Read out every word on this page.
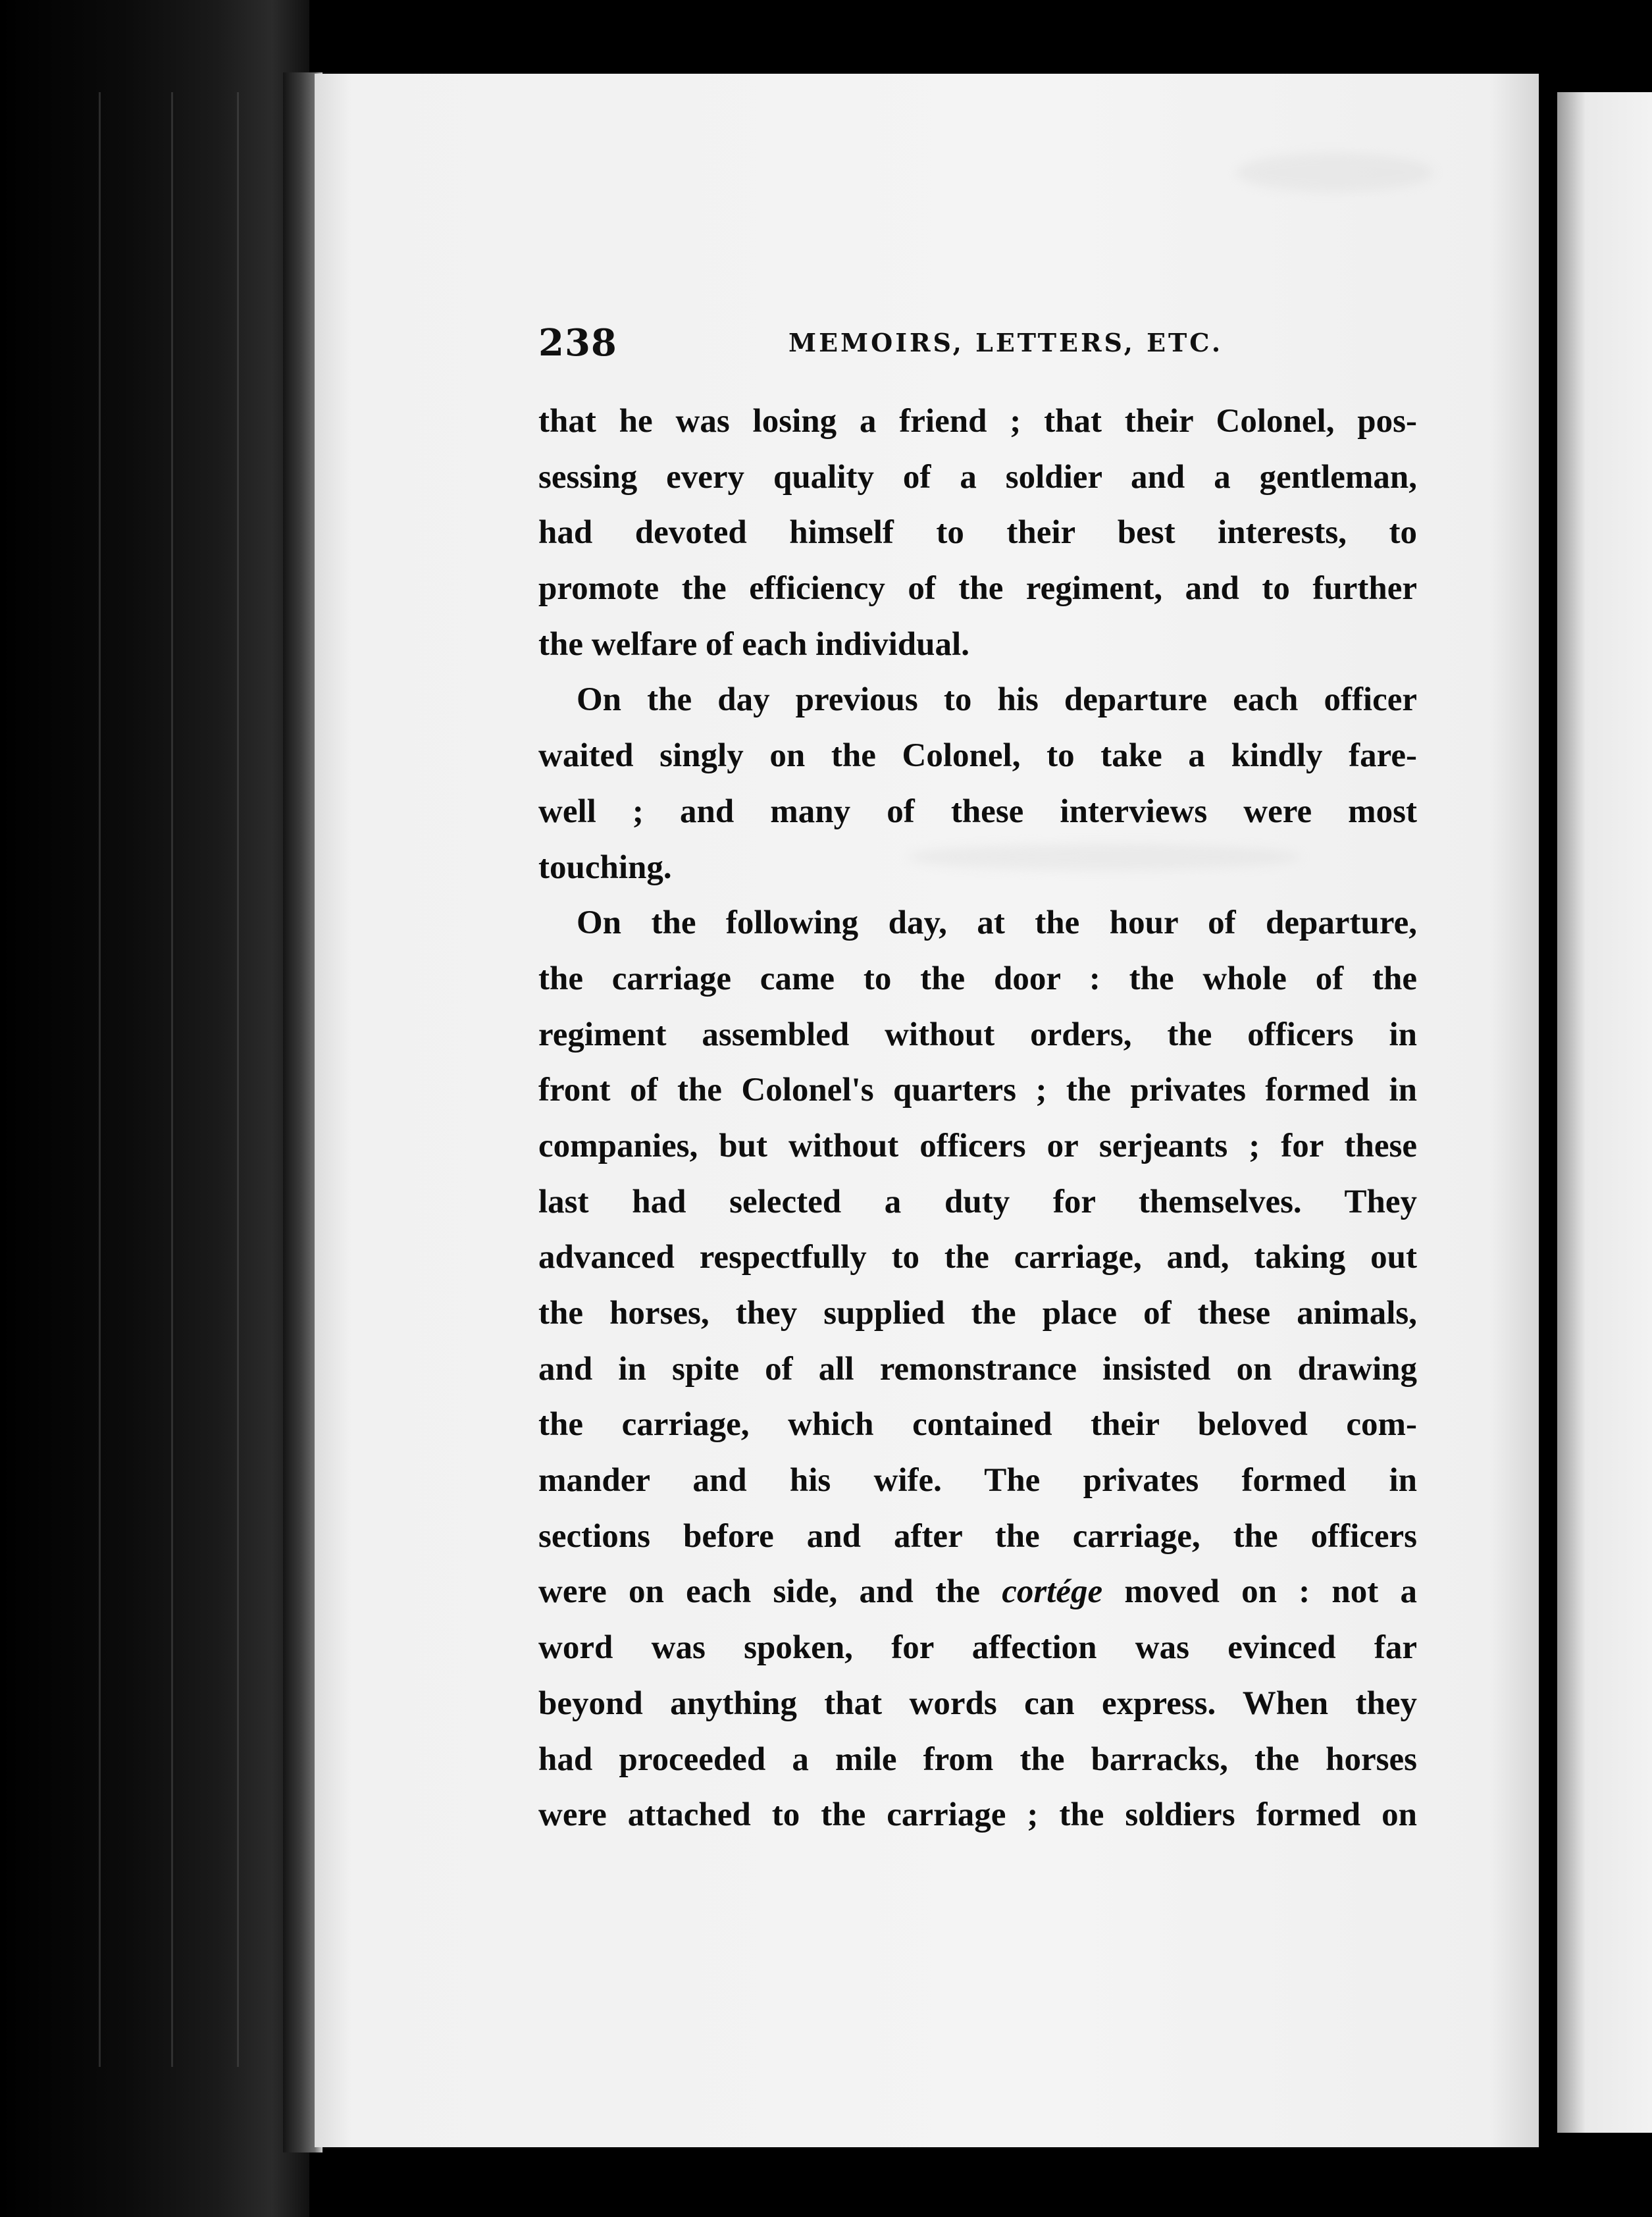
238	MEMOIRS, LETTERS, ETC.
that he was losing a friend ; that their Colonel, pos-
sessing every quality of a soldier and a gentleman,
had devoted himself to their best interests, to
promote the efficiency of the regiment, and to further
the welfare of each individual.
On the day previous to his departure each officer
waited singly on the Colonel, to take a kindly fare-
well ; and many of these interviews were most
touching.
On the following day, at the hour of departure,
the carriage came to the door : the whole of the
regiment assembled without orders, the officers in
front of the Colonel's quarters ; the privates formed in
companies, but without officers or serjeants ; for these
last had selected a duty for themselves. They
advanced respectfully to the carriage, and, taking out
the horses, they supplied the place of these animals,
and in spite of all remonstrance insisted on drawing
the carriage, which contained their beloved com-
mander and his wife. The privates formed in
sections before and after the carriage, the officers
were on each side, and the cortége moved on : not a
word was spoken, for affection was evinced far
beyond anything that words can express. When they
had proceeded a mile from the barracks, the horses
were attached to the carriage ; the soldiers formed on
